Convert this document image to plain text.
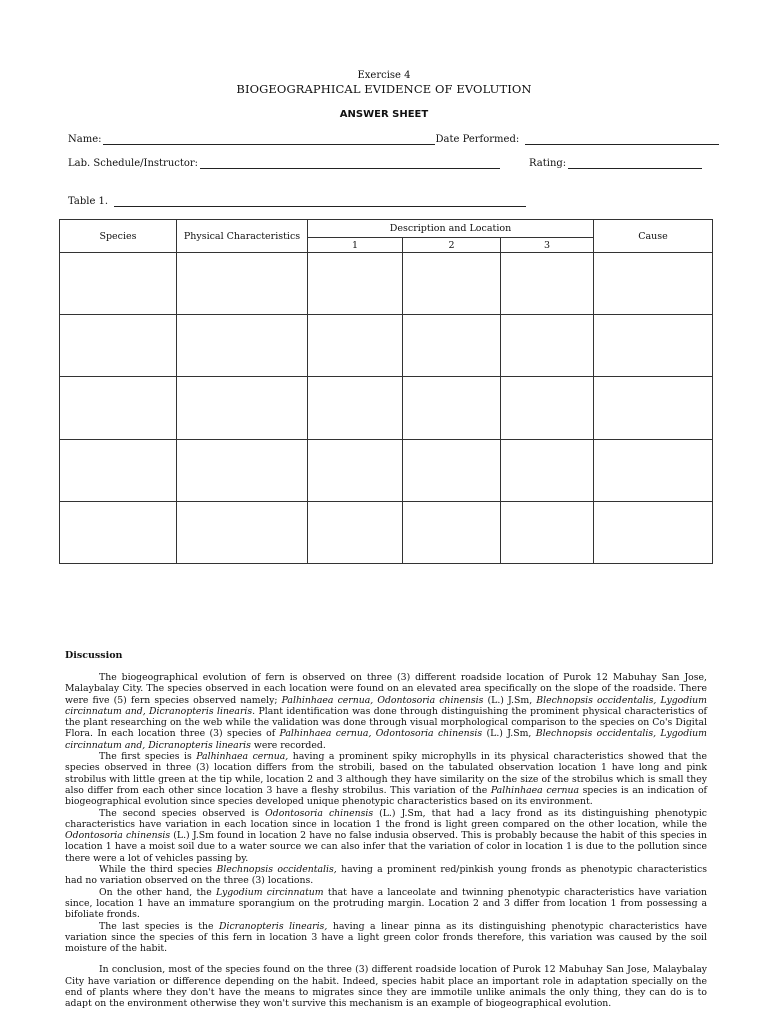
Exercise 4
BIOGEOGRAPHICAL EVIDENCE OF EVOLUTION
ANSWER SHEET
Name:	Date Performed:
Lab. Schedule/Instructor:	Rating:
Table 1.
Species	Physical Characteristics	Description and Location			Cause
		1	2	3	

Discussion

The biogeographical evolution of fern is observed on three (3) different roadside location of Purok 12 Mabuhay San Jose, Malaybalay City. The species observed in each location were found on an elevated area specifically on the slope of the roadside. There were five (5) fern species observed namely; Palhinhaea cernua, Odontosoria chinensis (L.) J.Sm, Blechnopsis occidentalis, Lygodium circinnatum and, Dicranopteris linearis. Plant identification was done through distinguishing the prominent physical characteristics of the plant researching on the web while the validation was done through visual morphological comparison to the species on Co's Digital Flora. In each location three (3) species of Palhinhaea cernua, Odontosoria chinensis (L.) J.Sm, Blechnopsis occidentalis, Lygodium circinnatum and, Dicranopteris linearis were recorded.

The first species is Palhinhaea cernua, having a prominent spiky microphylls in its physical characteristics showed that the species observed in three (3) location differs from the strobili, based on the tabulated observation location 1 have long and pink strobilus with little green at the tip while, location 2 and 3 although they have similarity on the size of the strobilus which is small they also differ from each other since location 3 have a fleshy strobilus. This variation of the Palhinhaea cernua species is an indication of biogeographical evolution since species developed unique phenotypic characteristics based on its environment.

The second species observed is Odontosoria chinensis (L.) J.Sm, that had a lacy frond as its distinguishing phenotypic characteristics have variation in each location since in location 1 the frond is light green compared on the other location, while the Odontosoria chinensis (L.) J.Sm found in location 2 have no false indusia observed. This is probably because the habit of this species in location 1 have a moist soil due to a water source we can also infer that the variation of color in location 1 is due to the pollution since there were a lot of vehicles passing by.

While the third species Blechnopsis occidentalis, having a prominent red/pinkish young fronds as phenotypic characteristics had no variation observed on the three (3) locations.

On the other hand, the Lygodium circinnatum that have a lanceolate and twinning phenotypic characteristics have variation since, location 1 have an immature sporangium on the protruding margin. Location 2 and 3 differ from location 1 from possessing a bifoliate fronds.

The last species is the Dicranopteris linearis, having a linear pinna as its distinguishing phenotypic characteristics have variation since the species of this fern in location 3 have a light green color fronds therefore, this variation was caused by the soil moisture of the habit.

In conclusion, most of the species found on the three (3) different roadside location of Purok 12 Mabuhay San Jose, Malaybalay City have variation or difference depending on the habit. Indeed, species habit place an important role in adaptation specially on the end of plants where they don't have the means to migrates since they are immotile unlike animals the only thing, they can do is to adapt on the environment otherwise they won't survive this mechanism is an example of biogeographical evolution.
